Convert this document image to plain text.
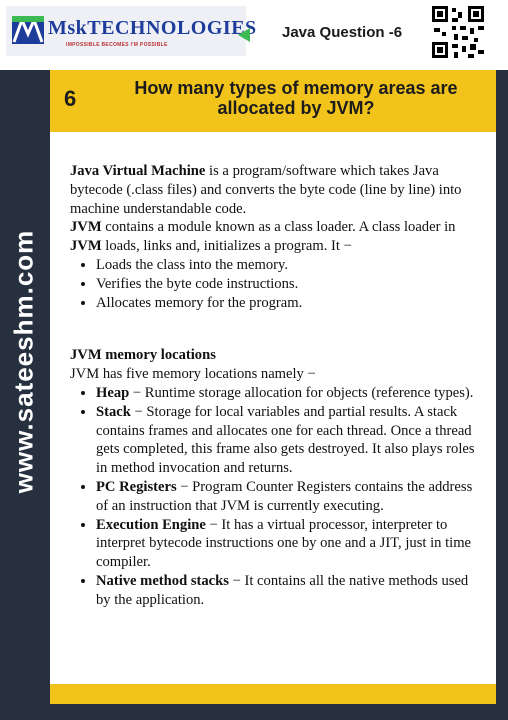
www.sateeshm.com
MskTECHNOLOGIES
IMPOSSIBLE BECOMES I'M POSSIBLE
Java Question -6
6	How many types of memory areas are allocated by JVM?

Java Virtual Machine is a program/software which takes Java bytecode (.class files) and converts the byte code (line by line) into machine understandable code.

JVM contains a module known as a class loader. A class loader in JVM loads, links and, initializes a program. It −

• Loads the class into the memory.
• Verifies the byte code instructions.
• Allocates memory for the program.

JVM memory locations

JVM has five memory locations namely −

• Heap − Runtime storage allocation for objects (reference types).
• Stack − Storage for local variables and partial results. A stack contains frames and allocates one for each thread. Once a thread gets completed, this frame also gets destroyed. It also plays roles in method invocation and returns.
• PC Registers − Program Counter Registers contains the address of an instruction that JVM is currently executing.
• Execution Engine − It has a virtual processor, interpreter to interpret bytecode instructions one by one and a JIT, just in time compiler.
• Native method stacks − It contains all the native methods used by the application.
